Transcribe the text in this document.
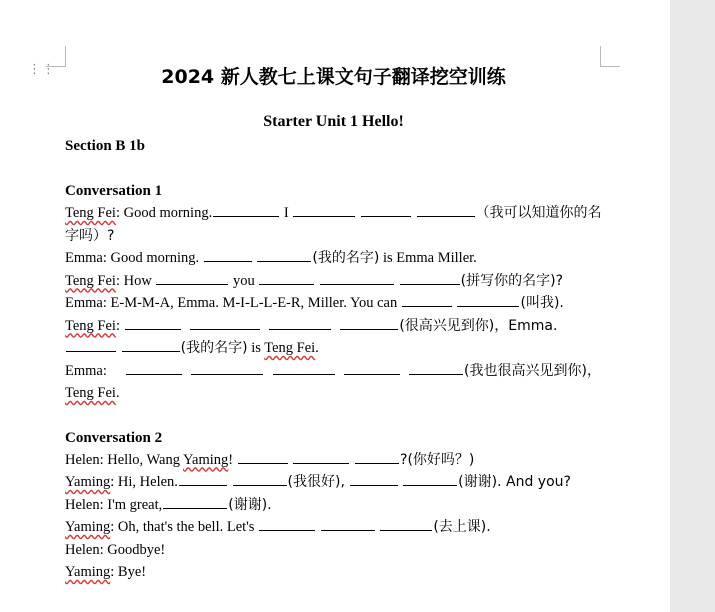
⋮⋮	2024 新人教七上课文句子翻译挖空训练
Starter Unit 1 Hello!
Section B 1b
Conversation 1

Teng Fei: Good morning.	I	（我可以知道你的名字吗）?

Emma: Good morning.	(我的名字) is Emma Miller.

Teng Fei: How	you	(拼写你的名字)?

Emma: E-M-M-A, Emma. M-I-L-L-E-R, Miller. You can	(叫我).

Teng Fei:	(很高兴见到你)，Emma.
(我的名字) is Teng Fei.

Emma:	(我也很高兴见到你)，Teng Fei.

Conversation 2

Helen: Hello, Wang Yaming!	?(你好吗？)

Yaming: Hi, Helen.	(我很好),	(谢谢). And you?

Helen: I'm great,	(谢谢).

Yaming: Oh, that's the bell. Let's	(去上课).

Helen: Goodbye!

Yaming: Bye!
